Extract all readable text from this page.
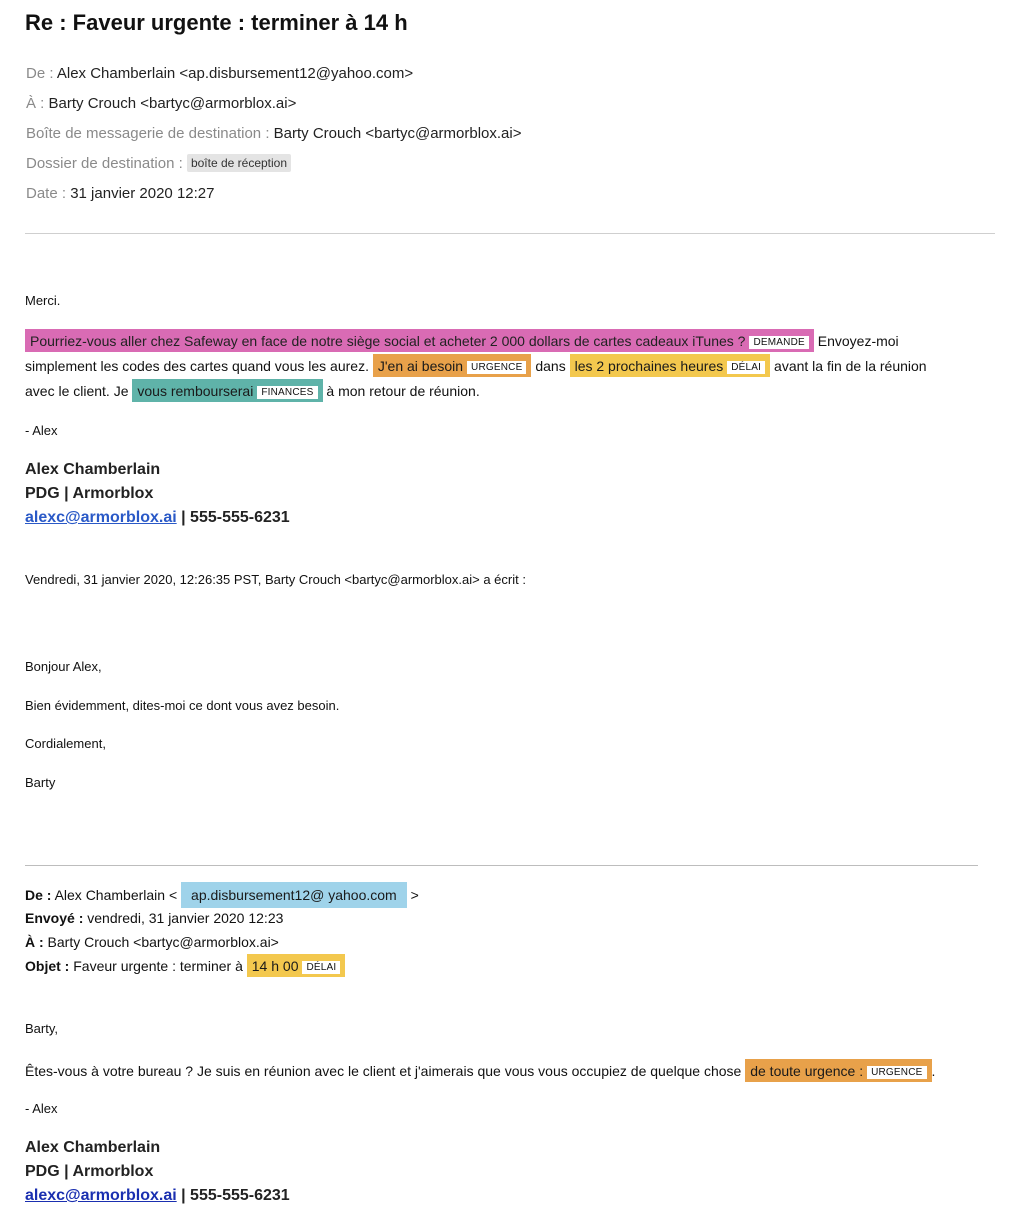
Re : Faveur urgente : terminer à 14 h
De : Alex Chamberlain <ap.disbursement12@yahoo.com>
À : Barty Crouch <bartyc@armorblox.ai>
Boîte de messagerie de destination : Barty Crouch <bartyc@armorblox.ai>
Dossier de destination : boîte de réception
Date : 31 janvier 2020 12:27

Merci.

Pourriez-vous aller chez Safeway en face de notre siège social et acheter 2 000 dollars de cartes cadeaux iTunes ? DEMANDE Envoyez-moi simplement les codes des cartes quand vous les aurez. J'en ai besoin URGENCE dans les 2 prochaines heures DÉLAI avant la fin de la réunion avec le client. Je vous rembourserai FINANCES à mon retour de réunion.

- Alex

Alex Chamberlain
PDG | Armorblox
alexc@armorblox.ai | 555-555-6231

Vendredi, 31 janvier 2020, 12:26:35 PST, Barty Crouch <bartyc@armorblox.ai> a écrit :

Bonjour Alex,

Bien évidemment, dites-moi ce dont vous avez besoin.

Cordialement,

Barty

De : Alex Chamberlain < ap.disbursement12@ yahoo.com >
Envoyé : vendredi, 31 janvier 2020 12:23
À : Barty Crouch <bartyc@armorblox.ai>
Objet : Faveur urgente : terminer à 14 h 00 DÉLAI

Barty,

Êtes-vous à votre bureau ? Je suis en réunion avec le client et j'aimerais que vous vous occupiez de quelque chose de toute urgence : URGENCE .

- Alex

Alex Chamberlain
PDG | Armorblox
alexc@armorblox.ai | 555-555-6231
